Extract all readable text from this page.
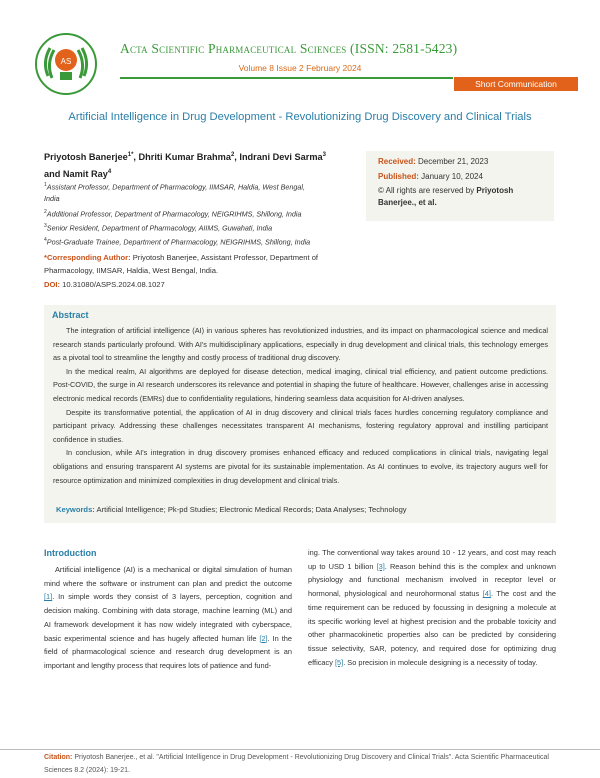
AS
Acta Scientific Pharmaceutical Sciences (ISSN: 2581-5423)
Volume 8 Issue 2 February 2024
Short Communication
Artificial Intelligence in Drug Development - Revolutionizing Drug Discovery and Clinical Trials
Priyotosh Banerjee$^{1*}$, Dhriti Kumar Brahma$^2$, Indrani Devi Sarma$^3$
and Namit Ray$^4$
$^1$Assistant Professor, Department of Pharmacology, IIMSAR, Haldia, West Bengal,
India
$^2$Additional Professor, Department of Pharmacology, NEIGRIHMS, Shillong, India
$^3$Senior Resident, Department of Pharmacology, AIIMS, Guwahati, India
$^4$Post-Graduate Trainee, Department of Pharmacology, NEIGRIHMS, Shillong, India
*Corresponding Author: Priyotosh Banerjee, Assistant Professor, Department of Pharmacology, IIMSAR, Haldia, West Bengal, India.
DOI: 10.31080/ASPS.2024.08.1027
Received: December 21, 2023
Published: January 10, 2024
© All rights are reserved by Priyotosh Banerjee., et al.
Abstract

The integration of artificial intelligence (AI) in various spheres has revolutionized industries, and its impact on pharmacological science and medical research stands particularly profound. With AI's multidisciplinary applications, especially in drug development and clinical trials, this technology emerges as a pivotal tool to streamline the lengthy and costly process of traditional drug discovery.

In the medical realm, AI algorithms are deployed for disease detection, medical imaging, clinical trial efficiency, and patient outcome predictions. Post-COVID, the surge in AI research underscores its relevance and potential in shaping the future of healthcare. However, challenges arise in accessing electronic medical records (EMRs) due to confidentiality regulations, hindering seamless data acquisition for AI-driven analyses.

Despite its transformative potential, the application of AI in drug discovery and clinical trials faces hurdles concerning regulatory compliance and participant privacy. Addressing these challenges necessitates transparent AI mechanisms, fostering regulatory approval and instilling participant confidence in studies.

In conclusion, while AI's integration in drug discovery promises enhanced efficacy and reduced complications in clinical trials, navigating legal obligations and ensuring transparent AI systems are pivotal for its sustainable implementation. As AI continues to evolve, its trajectory augurs well for resource optimization and minimized complexities in drug development and clinical trials.

Keywords: Artificial Intelligence; Pk-pd Studies; Electronic Medical Records; Data Analyses; Technology
Introduction

Artificial intelligence (AI) is a mechanical or digital simulation of human mind where the software or instrument can plan and predict the outcome [1]. In simple words they consist of 3 layers, perception, cognition and decision making. Combining with data storage, machine learning (ML) and AI framework development it has now widely integrated with cyberspace, basic experimental science and has hugely affected human life [2]. In the field of pharmacological science and research drug development is an important and lengthy process that requires lots of patience and fund-

ing. The conventional way takes around 10 - 12 years, and cost may reach up to USD 1 billion [3]. Reason behind this is the complex and unknown physiology and functional mechanism involved in receptor level or hormonal, physiological and neurohormonal status [4]. The cost and the time requirement can be reduced by focussing in designing a molecule at its specific working level at highest precision and the probable toxicity and other pharmacokinetic properties also can be predicted by considering tissue selectivity, SAR, potency, and required dose for optimizing drug efficacy [5]. So precision in molecule designing is a necessity of today.

Citation: Priyotosh Banerjee., et al. "Artificial Intelligence in Drug Development - Revolutionizing Drug Discovery and Clinical Trials". Acta Scientific Pharmaceutical Sciences 8.2 (2024): 19-21.
